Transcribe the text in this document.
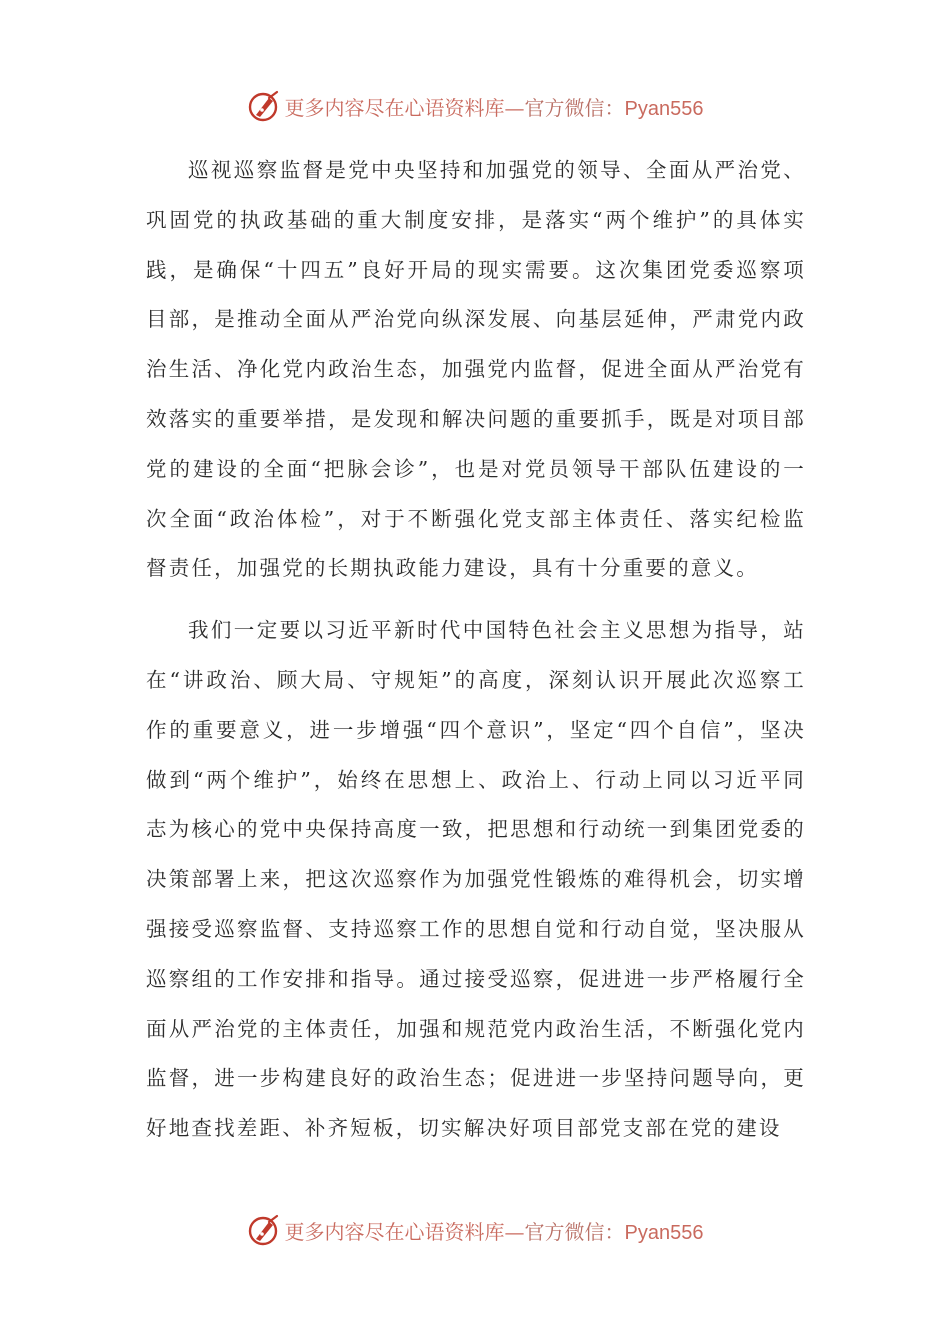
更多内容尽在心语资料库—官方微信：Pyan556

巡视巡察监督是党中央坚持和加强党的领导、全面从严治党、巩固党的执政基础的重大制度安排，是落实“两个维护”的具体实践，是确保“十四五”良好开局的现实需要。这次集团党委巡察项目部，是推动全面从严治党向纵深发展、向基层延伸，严肃党内政治生活、净化党内政治生态，加强党内监督，促进全面从严治党有效落实的重要举措，是发现和解决问题的重要抓手，既是对项目部党的建设的全面“把脉会诊”，也是对党员领导干部队伍建设的一次全面“政治体检”，对于不断强化党支部主体责任、落实纪检监督责任，加强党的长期执政能力建设，具有十分重要的意义。

我们一定要以习近平新时代中国特色社会主义思想为指导，站在“讲政治、顾大局、守规矩”的高度，深刻认识开展此次巡察工作的重要意义，进一步增强“四个意识”，坚定“四个自信”，坚决做到“两个维护”，始终在思想上、政治上、行动上同以习近平同志为核心的党中央保持高度一致，把思想和行动统一到集团党委的决策部署上来，把这次巡察作为加强党性锻炼的难得机会，切实增强接受巡察监督、支持巡察工作的思想自觉和行动自觉，坚决服从巡察组的工作安排和指导。通过接受巡察，促进进一步严格履行全面从严治党的主体责任，加强和规范党内政治生活，不断强化党内监督，进一步构建良好的政治生态；促进进一步坚持问题导向，更好地查找差距、补齐短板，切实解决好项目部党支部在党的建设

更多内容尽在心语资料库—官方微信：Pyan556
